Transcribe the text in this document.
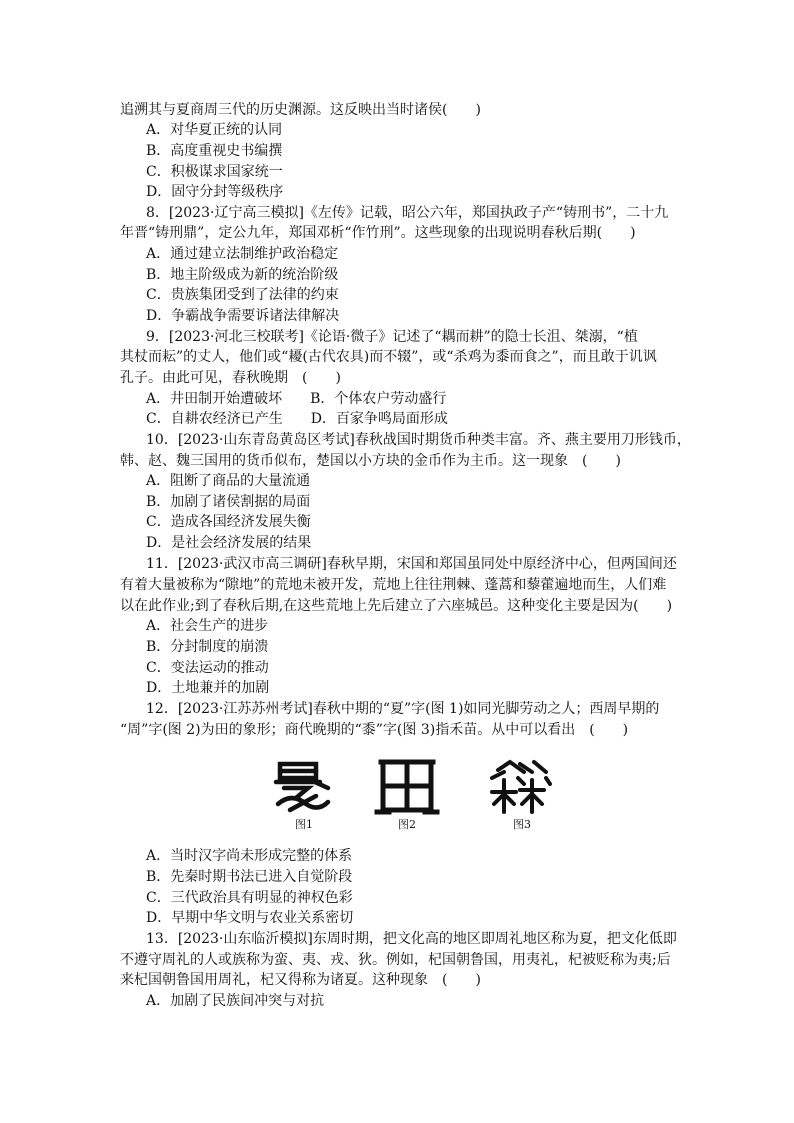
追溯其与夏商周三代的历史渊源。这反映出当时诸侯(　　)
A．对华夏正统的认同
B．高度重视史书编撰
C．积极谋求国家统一
D．固守分封等级秩序
8．[2023·辽宁高三模拟]《左传》记载，昭公六年，郑国执政子产“铸刑书”，二十九
年晋“铸刑鼎”，定公九年，郑国邓析“作竹刑”。这些现象的出现说明春秋后期(　　)
A．通过建立法制维护政治稳定
B．地主阶级成为新的统治阶级
C．贵族集团受到了法律的约束
D．争霸战争需要诉诸法律解决
9．[2023·河北三校联考]《论语·微子》记述了“耦而耕”的隐士长沮、桀溺，“植
其杖而耘”的丈人，他们或“耰(古代农具)而不辍”，或“杀鸡为黍而食之”，而且敢于讥讽
孔子。由此可见，春秋晚期　(　　)
A．井田制开始遭破坏　　B．个体农户劳动盛行
C．自耕农经济已产生　　D．百家争鸣局面形成
10．[2023·山东青岛黄岛区考试]春秋战国时期货币种类丰富。齐、燕主要用刀形钱币，
韩、赵、魏三国用的货币似布，楚国以小方块的金币作为主币。这一现象　(　　)
A．阻断了商品的大量流通
B．加剧了诸侯割据的局面
C．造成各国经济发展失衡
D．是社会经济发展的结果
11．[2023·武汉市高三调研]春秋早期，宋国和郑国虽同处中原经济中心，但两国间还
有着大量被称为“隙地”的荒地未被开发，荒地上往往荆棘、蓬蒿和藜藿遍地而生，人们难
以在此作业;到了春秋后期,在这些荒地上先后建立了六座城邑。这种变化主要是因为(　　)
A．社会生产的进步
B．分封制度的崩溃
C．变法运动的推动
D．土地兼并的加剧
12．[2023·江苏苏州考试]春秋中期的“夏”字(图 1)如同光脚劳动之人；西周早期的
“周”字(图 2)为田的象形；商代晚期的“黍”字(图 3)指禾苗。从中可以看出　(　　)
A．当时汉字尚未形成完整的体系
B．先秦时期书法已进入自觉阶段
C．三代政治具有明显的神权色彩
D．早期中华文明与农业关系密切
13．[2023·山东临沂模拟]东周时期，把文化高的地区即周礼地区称为夏，把文化低即
不遵守周礼的人或族称为蛮、夷、戎、狄。例如，杞国朝鲁国，用夷礼，杞被贬称为夷;后
来杞国朝鲁国用周礼，杞又得称为诸夏。这种现象　(　　)
A．加剧了民族间冲突与对抗
图1	图2	图3
